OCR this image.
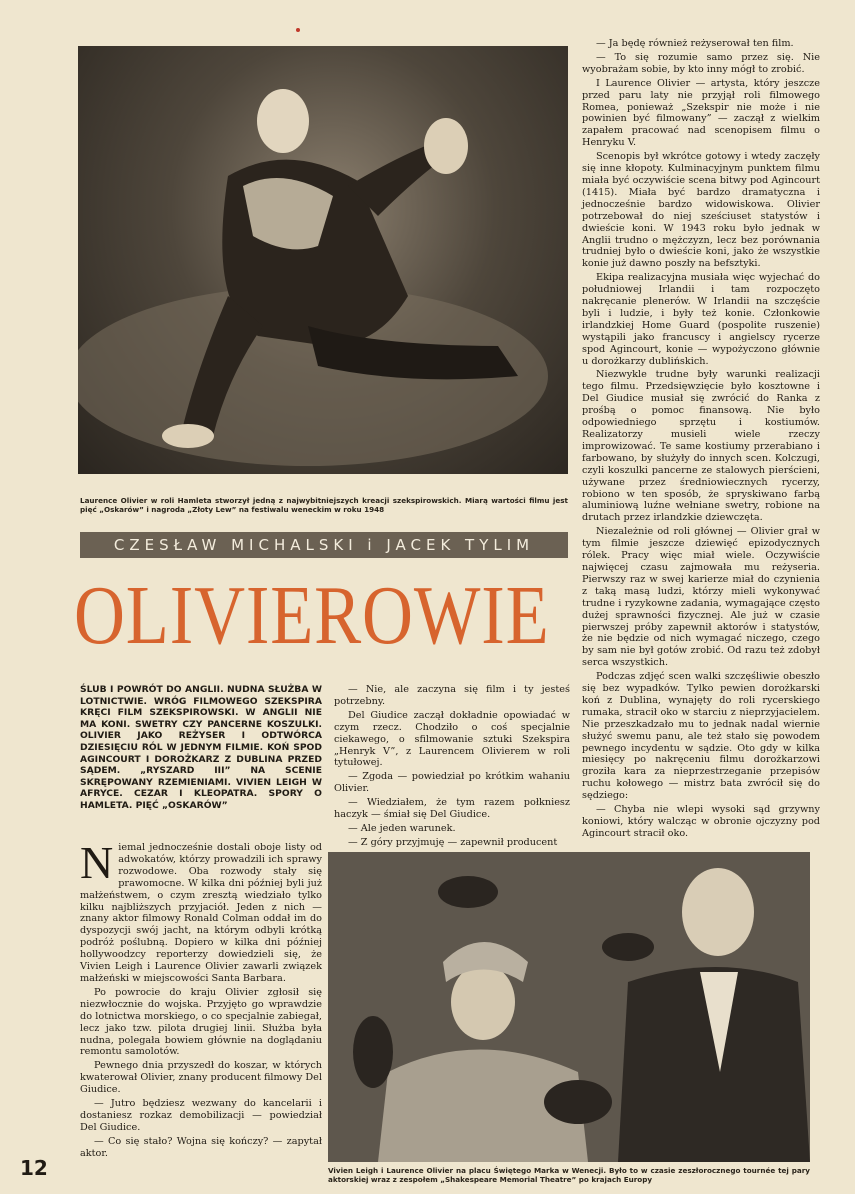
Laurence Olivier w roli Hamleta stworzył jedną z najwybitniejszych kreacji szekspirowskich. Miarą wartości filmu jest pięć „Oskarów” i nagroda „Złoty Lew” na festiwalu weneckim w roku 1948
CZESŁAW MICHALSKI i JACEK TYLIM
OLIVIEROWIE
ŚLUB I POWRÓT DO ANGLII. NUDNA SŁUŻBA W LOTNICTWIE. WRÓG FILMOWEGO SZEKSPIRA KRĘCI FILM SZEKSPIROWSKI. W ANGLII NIE MA KONI. SWETRY CZY PANCERNE KOSZULKI. OLIVIER JAKO REŻYSER I ODTWÓRCA DZIESIĘCIU RÓL W JEDNYM FILMIE. KOŃ SPOD AGINCOURT I DOROŻKARZ Z DUBLINA PRZED SĄDEM. „RYSZARD III” NA SCENIE SKRĘPOWANY RZEMIENIAMI. VIVIEN LEIGH W AFRYCE. CEZAR I KLEOPATRA. SPORY O HAMLETA. PIĘĆ „OSKARÓW”

Niemal jednocześnie dostali oboje listy od adwokatów, którzy prowadzili ich sprawy rozwodowe. Oba rozwody stały się prawomocne. W kilka dni później byli już małżeństwem, o czym zresztą wiedziało tylko kilku najbliższych przyjaciół. Jeden z nich — znany aktor filmowy Ronald Colman oddał im do dyspozycji swój jacht, na którym odbyli krótką podróż poślubną. Dopiero w kilka dni później hollywoodzcy reporterzy dowiedzieli się, że Vivien Leigh i Laurence Olivier zawarli związek małżeński w miejscowości Santa Barbara.

Po powrocie do kraju Olivier zgłosił się niezwłocznie do wojska. Przyjęto go wprawdzie do lotnictwa morskiego, o co specjalnie zabiegał, lecz jako tzw. pilota drugiej linii. Służba była nudna, polegała bowiem głównie na doglądaniu remontu samolotów.

Pewnego dnia przyszedł do koszar, w których kwaterował Olivier, znany producent filmowy Del Giudice.

— Jutro będziesz wezwany do kancelarii i dostaniesz rozkaz demobilizacji — powiedział Del Giudice.

— Co się stało? Wojna się kończy? — zapytał aktor.

— Nie, ale zaczyna się film i ty jesteś potrzebny.

Del Giudice zaczął dokładnie opowiadać w czym rzecz. Chodziło o coś specjalnie ciekawego, o sfilmowanie sztuki Szekspira „Henryk V”, z Laurencem Olivierem w roli tytułowej.

— Zgoda — powiedział po krótkim wahaniu Olivier.

— Wiedziałem, że tym razem połkniesz haczyk — śmiał się Del Giudice.

— Ale jeden warunek.

— Z góry przyjmuję — zapewnił producent

— Ja będę również reżyserował ten film.

— To się rozumie samo przez się. Nie wyobrażam sobie, by kto inny mógł to zrobić.

I Laurence Olivier — artysta, który jeszcze przed paru laty nie przyjął roli filmowego Romea, ponieważ „Szekspir nie może i nie powinien być filmowany” — zaczął z wielkim zapałem pracować nad scenopisem filmu o Henryku V.

Scenopis był wkrótce gotowy i wtedy zaczęły się inne kłopoty. Kulminacyjnym punktem filmu miała być oczywiście scena bitwy pod Agincourt (1415). Miała być bardzo dramatyczna i jednocześnie bardzo widowiskowa. Olivier potrzebował do niej sześciuset statystów i dwieście koni. W 1943 roku było jednak w Anglii trudno o mężczyzn, lecz bez porównania trudniej było o dwieście koni, jako że wszystkie konie już dawno poszły na befsztyki.

Ekipa realizacyjna musiała więc wyjechać do południowej Irlandii i tam rozpoczęto nakręcanie plenerów. W Irlandii na szczęście byli i ludzie, i były też konie. Członkowie irlandzkiej Home Guard (pospolite ruszenie) wystąpili jako francuscy i angielscy rycerze spod Agincourt, konie — wypożyczono głównie u dorożkarzy dublińskich.

Niezwykle trudne były warunki realizacji tego filmu. Przedsięwzięcie było kosztowne i Del Giudice musiał się zwrócić do Ranka z prośbą o pomoc finansową. Nie było odpowiedniego sprzętu i kostiumów. Realizatorzy musieli wiele rzeczy improwizować. Te same kostiumy przerabiano i farbowano, by służyły do innych scen. Kolczugi, czyli koszulki pancerne ze stalowych pierścieni, używane przez średniowiecznych rycerzy, robiono w ten sposób, że spryskiwano farbą aluminiową luźne wełniane swetry, robione na drutach przez irlandzkie dziewczęta.

Niezależnie od roli głównej — Olivier grał w tym filmie jeszcze dziewięć epizodycznych rólek. Pracy więc miał wiele. Oczywiście najwięcej czasu zajmowała mu reżyseria. Pierwszy raz w swej karierze miał do czynienia z taką masą ludzi, którzy mieli wykonywać trudne i ryzykowne zadania, wymagające często dużej sprawności fizycznej. Ale już w czasie pierwszej próby zapewnił aktorów i statystów, że nie będzie od nich wymagać niczego, czego by sam nie był gotów zrobić. Od razu też zdobył serca wszystkich.

Podczas zdjęć scen walki szczęśliwie obeszło się bez wypadków. Tylko pewien dorożkarski koń z Dublina, wynajęty do roli rycerskiego rumaka, stracił oko w starciu z nieprzyjacielem. Nie przeszkadzało mu to jednak nadal wiernie służyć swemu panu, ale też stało się powodem pewnego incydentu w sądzie. Oto gdy w kilka miesięcy po nakręceniu filmu dorożkarzowi groziła kara za nieprzestrzeganie przepisów ruchu kołowego — mistrz bata zwrócił się do sędziego:

— Chyba nie wlepi wysoki sąd grzywny koniowi, który walcząc w obronie ojczyzny pod Agincourt stracił oko.

Vivien Leigh i Laurence Olivier na placu Świętego Marka w Wenecji. Było to w czasie zeszłorocznego tournée tej pary aktorskiej wraz z zespołem „Shakespeare Memorial Theatre” po krajach Europy
12
